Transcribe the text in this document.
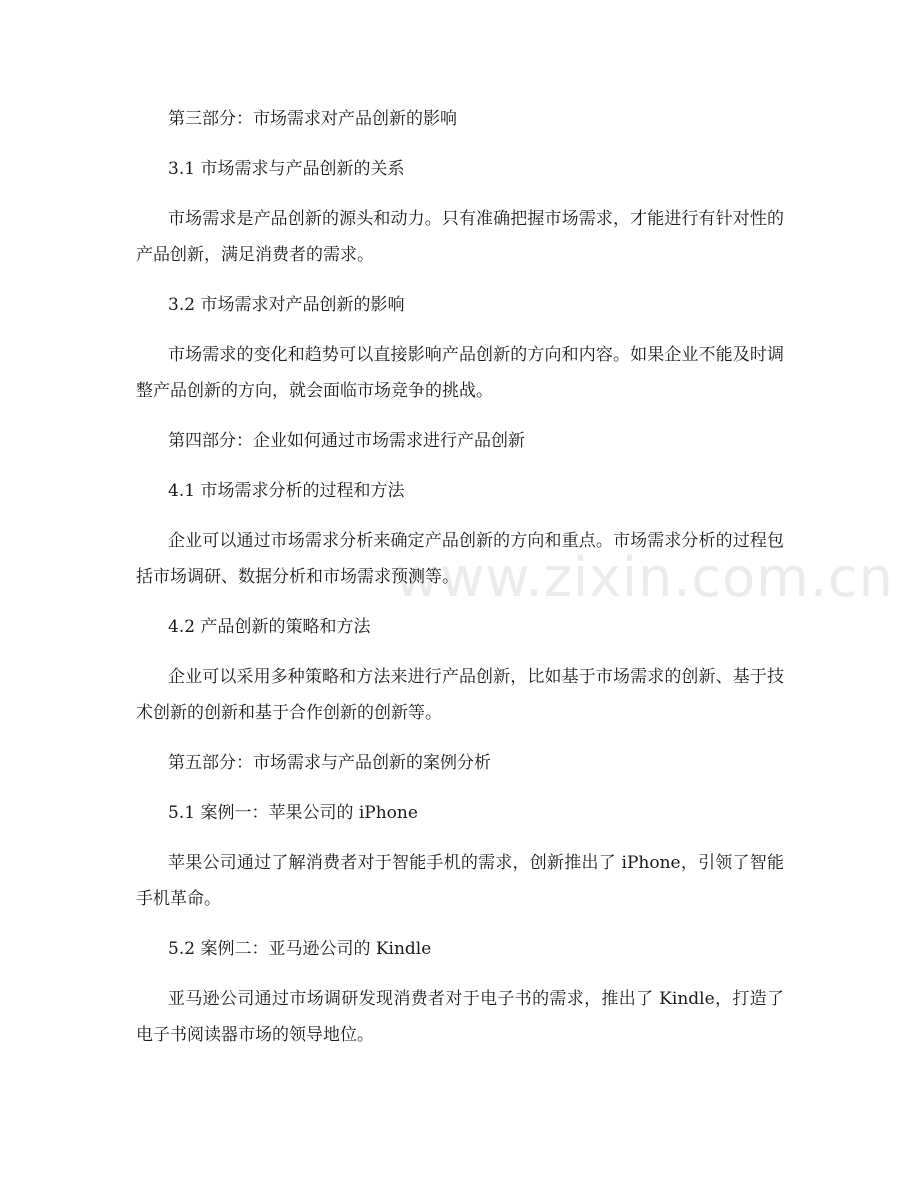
www.zixin.com.cn
第三部分：市场需求对产品创新的影响
3.1 市场需求与产品创新的关系
市场需求是产品创新的源头和动力。只有准确把握市场需求，才能进行有针对性的产品创新，满足消费者的需求。
3.2 市场需求对产品创新的影响
市场需求的变化和趋势可以直接影响产品创新的方向和内容。如果企业不能及时调整产品创新的方向，就会面临市场竞争的挑战。
第四部分：企业如何通过市场需求进行产品创新
4.1 市场需求分析的过程和方法
企业可以通过市场需求分析来确定产品创新的方向和重点。市场需求分析的过程包括市场调研、数据分析和市场需求预测等。
4.2 产品创新的策略和方法
企业可以采用多种策略和方法来进行产品创新，比如基于市场需求的创新、基于技术创新的创新和基于合作创新的创新等。
第五部分：市场需求与产品创新的案例分析
5.1 案例一：苹果公司的 iPhone
苹果公司通过了解消费者对于智能手机的需求，创新推出了 iPhone，引领了智能手机革命。
5.2 案例二：亚马逊公司的 Kindle
亚马逊公司通过市场调研发现消费者对于电子书的需求，推出了 Kindle，打造了电子书阅读器市场的领导地位。
